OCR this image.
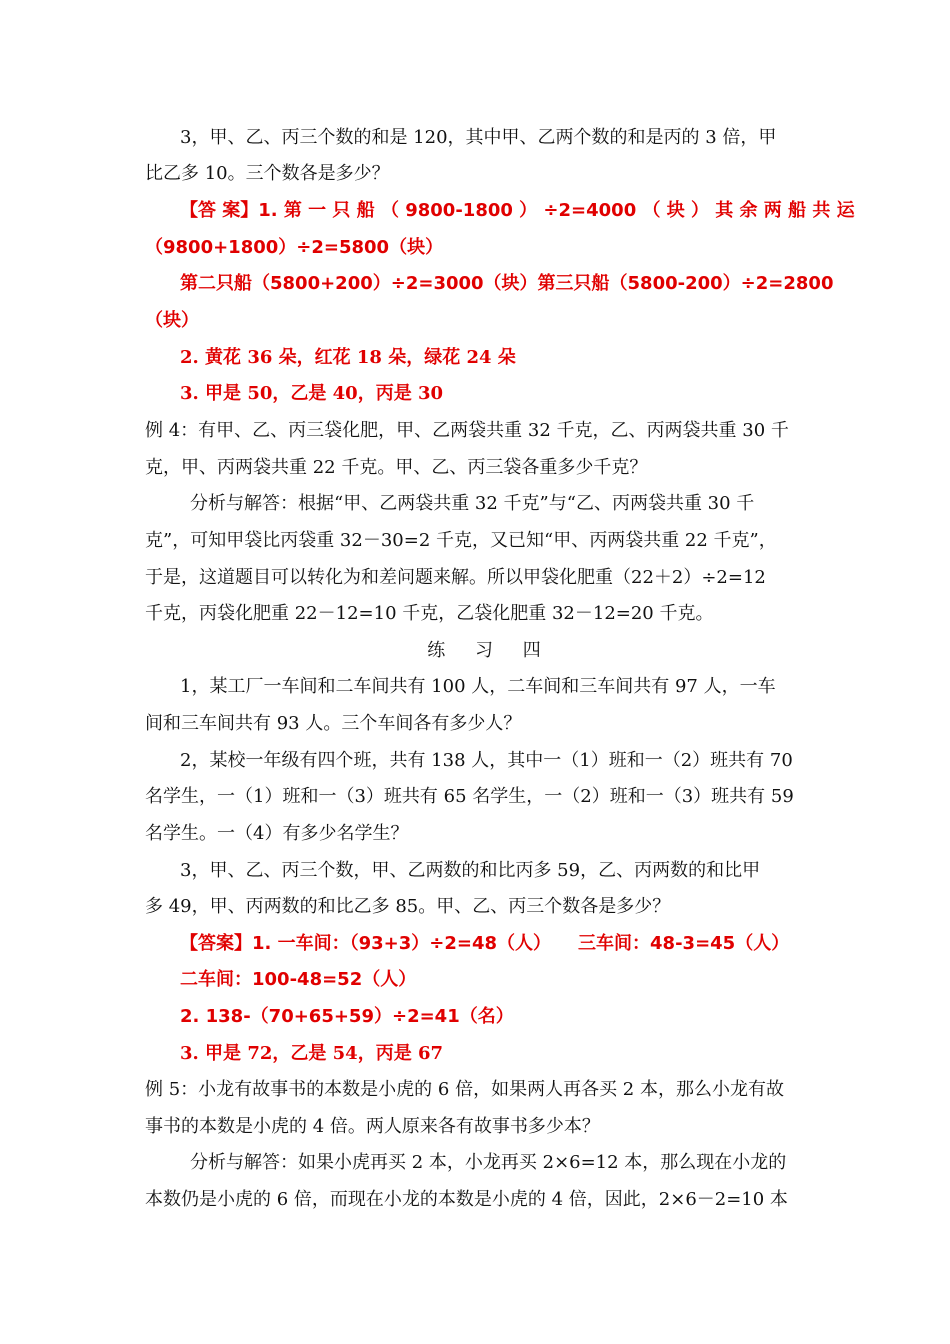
3，甲、乙、丙三个数的和是 120，其中甲、乙两个数的和是丙的 3 倍，甲
比乙多 10。三个数各是多少？
【答 案】1. 第 一 只 船 （ 9800-1800 ） ÷2=4000 （ 块 ） 其 余 两 船 共 运
（9800+1800）÷2=5800（块）
第二只船（5800+200）÷2=3000（块）第三只船（5800-200）÷2=2800
（块）
2. 黄花 36 朵，红花 18 朵，绿花 24 朵
3. 甲是 50，乙是 40，丙是 30
例 4：有甲、乙、丙三袋化肥，甲、乙两袋共重 32 千克，乙、丙两袋共重 30 千
克，甲、丙两袋共重 22 千克。甲、乙、丙三袋各重多少千克？
分析与解答：根据“甲、乙两袋共重 32 千克”与“乙、丙两袋共重 30 千
克”，可知甲袋比丙袋重 32－30=2 千克，又已知“甲、丙两袋共重 22 千克”，
于是，这道题目可以转化为和差问题来解。所以甲袋化肥重（22＋2）÷2=12
千克，丙袋化肥重 22－12=10 千克，乙袋化肥重 32－12=20 千克。
练 习 四
1，某工厂一车间和二车间共有 100 人，二车间和三车间共有 97 人，一车
间和三车间共有 93 人。三个车间各有多少人？
2，某校一年级有四个班，共有 138 人，其中一（1）班和一（2）班共有 70
名学生，一（1）班和一（3）班共有 65 名学生，一（2）班和一（3）班共有 59
名学生。一（4）有多少名学生？
3，甲、乙、丙三个数，甲、乙两数的和比丙多 59，乙、丙两数的和比甲
多 49，甲、丙两数的和比乙多 85。甲、乙、丙三个数各是多少？
【答案】1. 一车间：（93+3）÷2=48（人）　　三车间：48-3=45（人）
二车间：100-48=52（人）
2. 138-（70+65+59）÷2=41（名）
3. 甲是 72，乙是 54，丙是 67
例 5：小龙有故事书的本数是小虎的 6 倍，如果两人再各买 2 本，那么小龙有故
事书的本数是小虎的 4 倍。两人原来各有故事书多少本？
分析与解答：如果小虎再买 2 本，小龙再买 2×6=12 本，那么现在小龙的
本数仍是小虎的 6 倍，而现在小龙的本数是小虎的 4 倍，因此，2×6－2=10 本
